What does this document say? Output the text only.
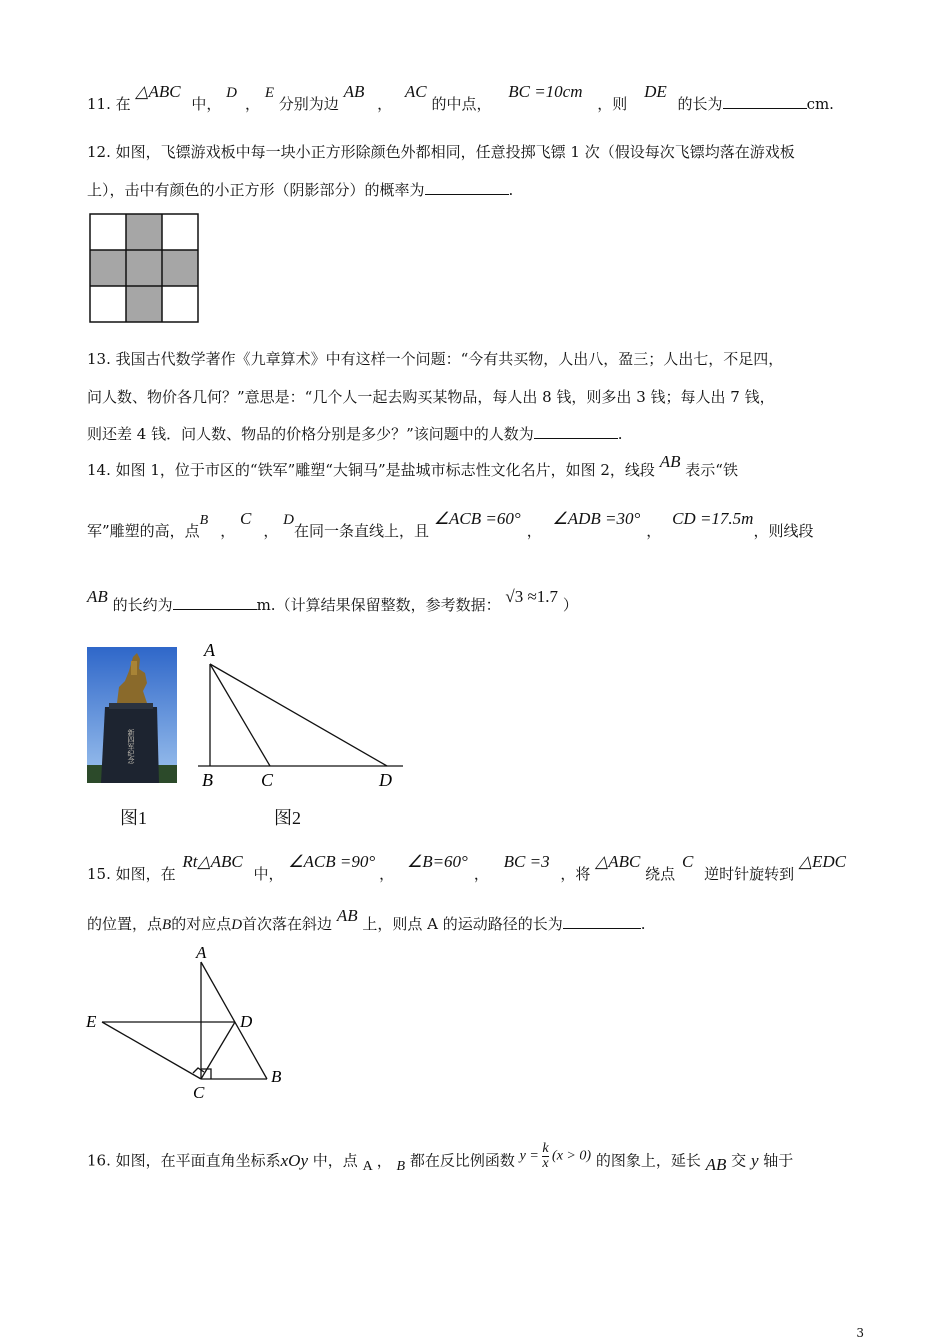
11. 在 △ABC 中， D， E 分别为边 AB ， AC 的中点， BC =10cm ，则 DE 的长为	cm.
12. 如图，飞镖游戏板中每一块小正方形除颜色外都相同，任意投掷飞镖 1 次（假设每次飞镖均落在游戏板
上），击中有颜色的小正方形（阴影部分）的概率为	.
13. 我国古代数学著作《九章算术》中有这样一个问题：“今有共买物，人出八，盈三；人出七，不足四，
问人数、物价各几何？”意思是：“几个人一起去购买某物品，每人出 8 钱，则多出 3 钱；每人出 7 钱，
则还差 4 钱．问人数、物品的价格分别是多少？”该问题中的人数为	.
14. 如图 1，位于市区的“铁军”雕塑“大铜马”是盐城市标志性文化名片，如图 2，线段 AB 表示“铁
军”雕塑的高，点B， C， D在同一条直线上，且 ∠ACB =60°， ∠ADB =30°， CD =17.5m，则线段
AB 的长约为	m.（计算结果保留整数，参考数据： √3 ≈1.7 ）
新四军纪念
A
B	C	D
图1	图2
15. 如图，在 Rt△ABC 中， ∠ACB =90°， ∠B=60°， BC =3 ，将 △ABC 绕点 C 逆时针旋转到 △EDC
的位置，点B的对应点D首次落在斜边 AB 上，则点 A 的运动路径的长为	.
A
E	D
B
C
16. 如图，在平面直角坐标系xOy 中，点 A ， B 都在反比例函数 $y = \frac{k}{x} (x > 0)$ 的图象上，延长 AB 交 y 轴于
3
